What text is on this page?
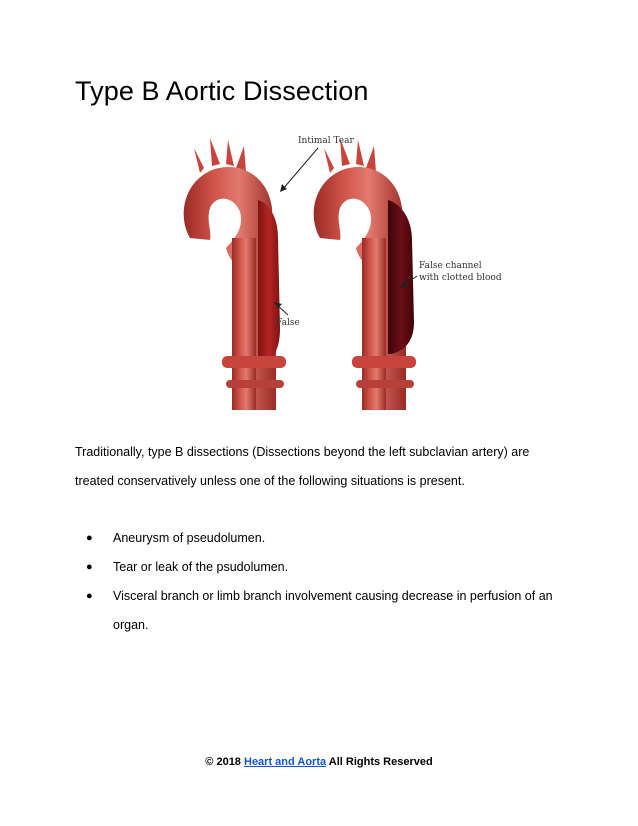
Type B Aortic Dissection
Intimal Tear
False
False channel
with clotted blood

Traditionally, type B dissections (Dissections beyond the left subclavian artery) are treated conservatively unless one of the following situations is present.

● Aneurysm of pseudolumen.
● Tear or leak of the psudolumen.
● Visceral branch or limb branch involvement causing decrease in perfusion of an organ.
© 2018 Heart and Aorta All Rights Reserved
